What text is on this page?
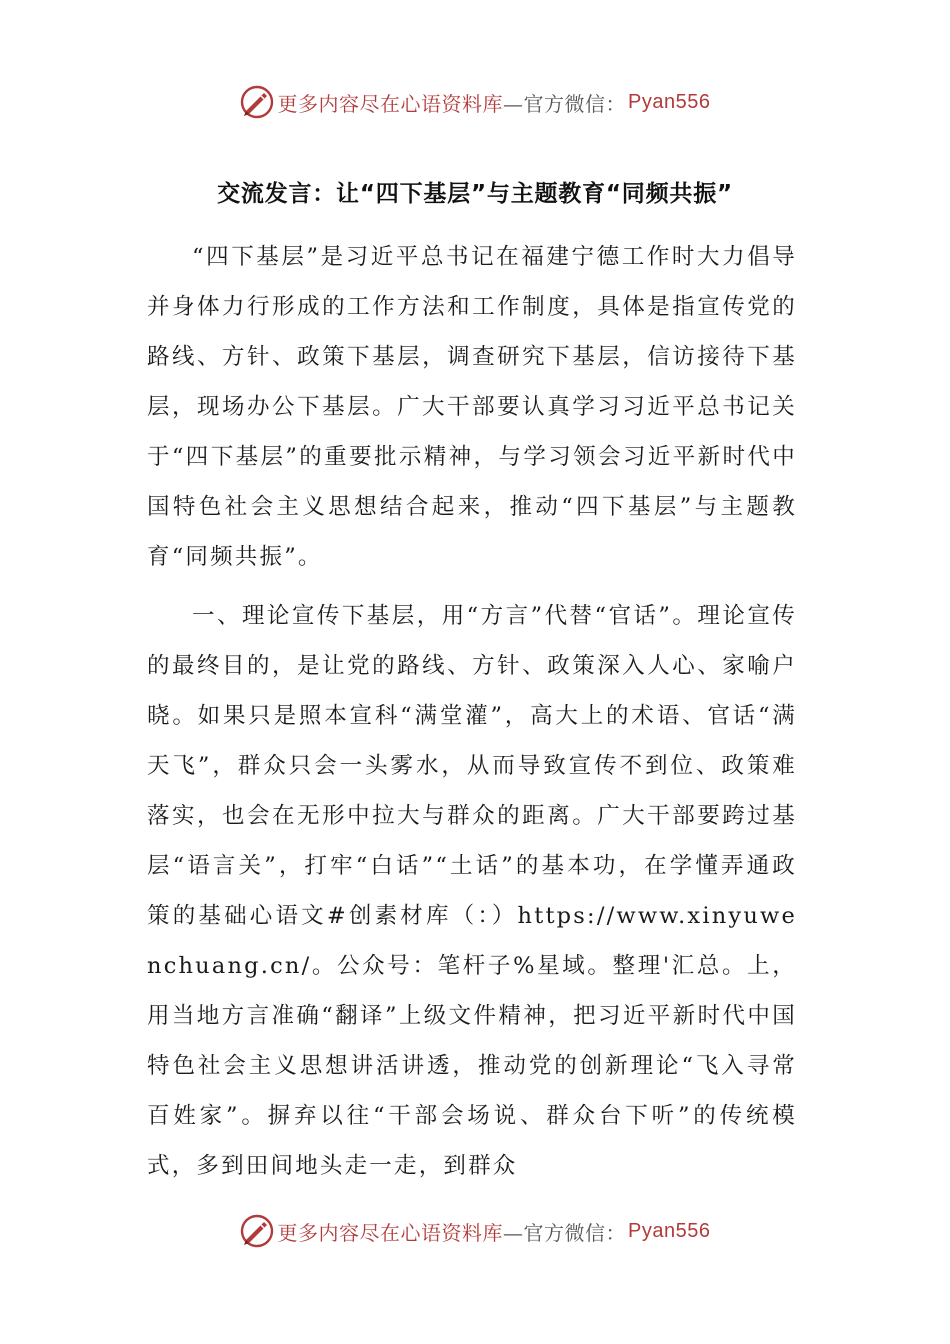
更多内容尽在心语资料库 —官方微信： Pyan556
交流发言：让“四下基层”与主题教育“同频共振”

“四下基层”是习近平总书记在福建宁德工作时大力倡导并身体力行形成的工作方法和工作制度，具体是指宣传党的路线、方针、政策下基层，调查研究下基层，信访接待下基层，现场办公下基层。广大干部要认真学习习近平总书记关于“四下基层”的重要批示精神，与学习领会习近平新时代中国特色社会主义思想结合起来，推动“四下基层”与主题教育“同频共振”。

一、理论宣传下基层，用“方言”代替“官话”。理论宣传的最终目的，是让党的路线、方针、政策深入人心、家喻户晓。如果只是照本宣科“满堂灌”，高大上的术语、官话“满天飞”，群众只会一头雾水，从而导致宣传不到位、政策难落实，也会在无形中拉大与群众的距离。广大干部要跨过基层“语言关”，打牢“白话”“土话”的基本功，在学懂弄通政策的基础心语文#创素材库（：）https://www.xinyuwenchuang.cn/。公众号：笔杆子%星域。整理'汇总。上，用当地方言准确“翻译”上级文件精神，把习近平新时代中国特色社会主义思想讲活讲透，推动党的创新理论“飞入寻常百姓家”。摒弃以往“干部会场说、群众台下听”的传统模式，多到田间地头走一走，到群众

更多内容尽在心语资料库 —官方微信： Pyan556
